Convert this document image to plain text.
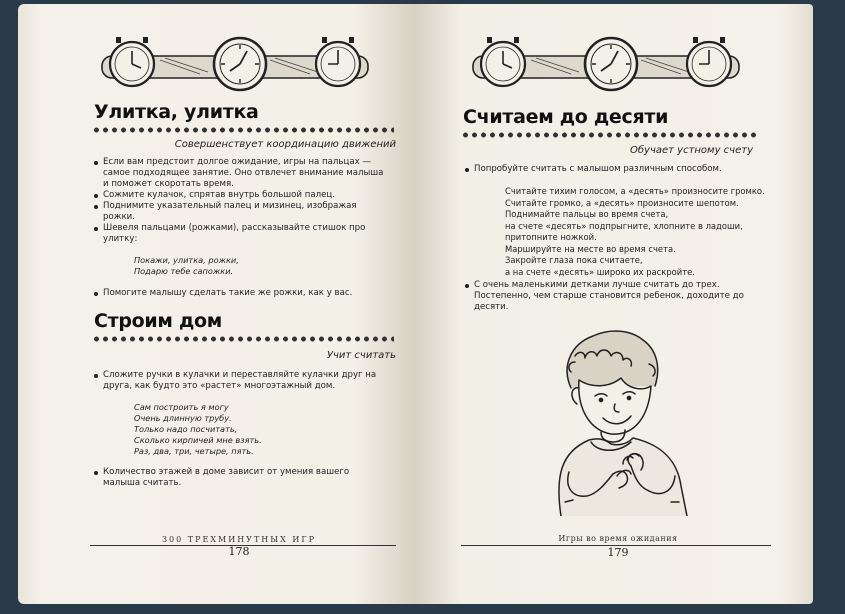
Улитка, улитка
Совершенствует координацию движений
Если вам предстоит долгое ожидание, игры на пальцах — самое подходящее занятие. Оно отвлечет внимание малыша и поможет скоротать время.
Сожмите кулачок, спрятав внутрь большой палец.
Поднимите указательный палец и мизинец, изображая рожки.
Шевеля пальцами (рожками), рассказывайте стишок про улитку:
Покажи, улитка, рожки,
Подарю тебе сапожки.
Помогите малышу сделать такие же рожки, как у вас.
Строим дом
Учит считать
Сложите ручки в кулачки и переставляйте кулачки друг на друга, как будто это «растет» многоэтажный дом.
Сам построить я могу
Очень длинную трубу.
Только надо посчитать,
Сколько кирпичей мне взять.
Раз, два, три, четыре, пять.
Количество этажей в доме зависит от умения вашего малыша считать.
300 ТРЕХМИНУТНЫХ ИГР
178
Считаем до десяти
Обучает устному счету
Попробуйте считать с малышом различным способом.
Считайте тихим голосом, а «десять» произносите громко.
Считайте громко, а «десять» произносите шепотом.
Поднимайте пальцы во время счета,
на счете «десять» подпрыгните, хлопните в ладоши,
притопните ножкой.
Маршируйте на месте во время счета.
Закройте глаза пока считаете,
а на счете «десять» широко их раскройте.
С очень маленькими детками лучше считать до трех. Постепенно, чем старше становится ребенок, доходите до десяти.
Игры во время ожидания
179
